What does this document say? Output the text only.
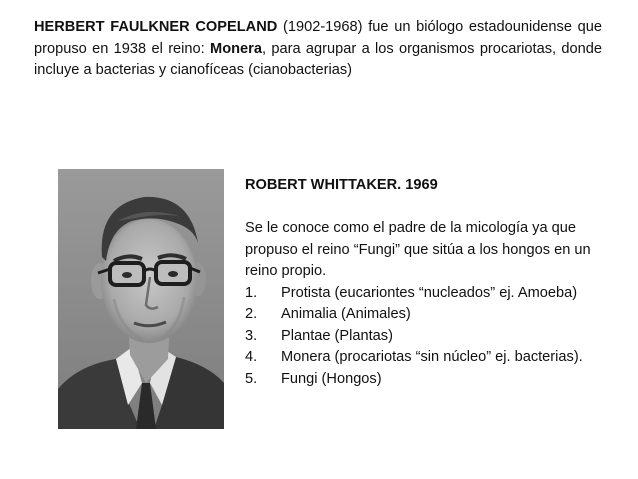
HERBERT FAULKNER COPELAND (1902-1968) fue un biólogo estadounidense que propuso en 1938 el reino: Monera, para agrupar a los organismos procariotas, donde incluye a bacterias y cianofíceas (cianobacterias)

ROBERT WHITTAKER. 1969

Se le conoce como el padre de la micología ya que propuso el reino “Fungi” que sitúa a los hongos en un reino propio.

1.	Protista (eucariontes “nucleados” ej. Amoeba)
2.	Animalia (Animales)
3.	Plantae (Plantas)
4.	Monera (procariotas “sin núcleo” ej. bacterias).
5.	Fungi (Hongos)
